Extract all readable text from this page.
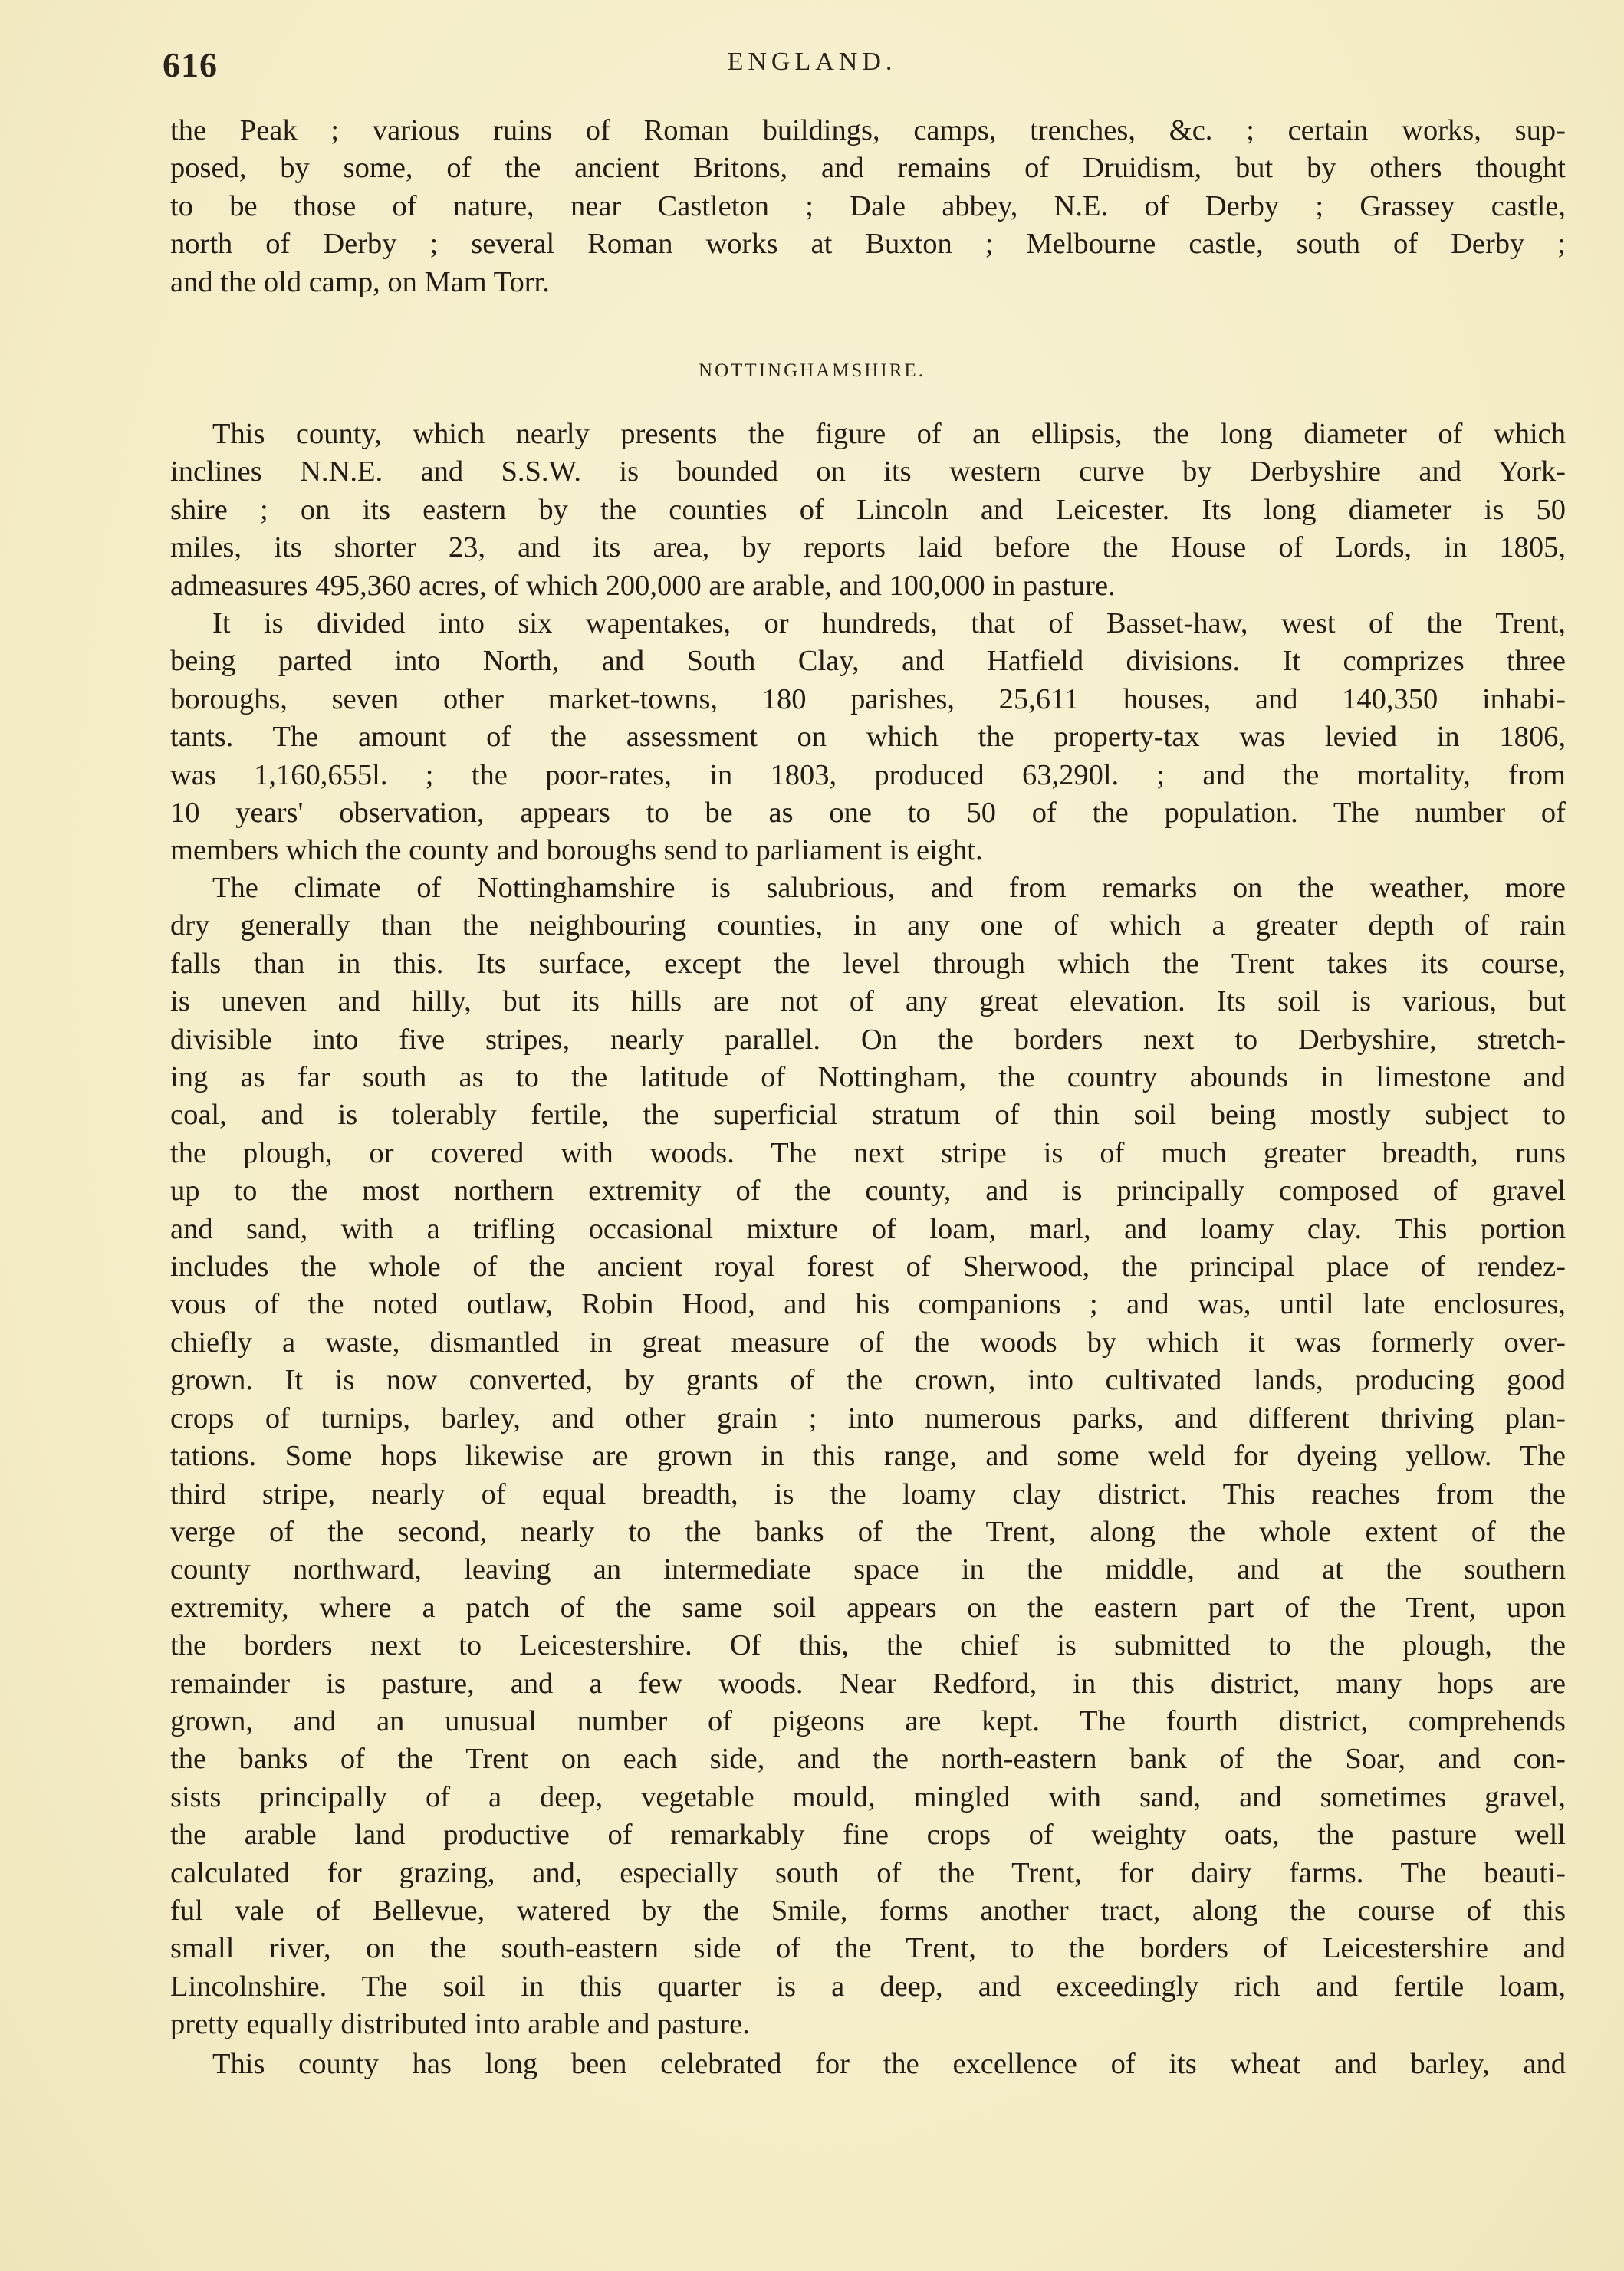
616	ENGLAND.
the Peak ; various ruins of Roman buildings, camps, trenches, &c. ; certain works, sup-
posed, by some, of the ancient Britons, and remains of Druidism, but by others thought
to be those of nature, near Castleton ; Dale abbey, N.E. of Derby ; Grassey castle,
north of Derby ; several Roman works at Buxton ; Melbourne castle, south of Derby ;
and the old camp, on Mam Torr.
NOTTINGHAMSHIRE.
This county, which nearly presents the figure of an ellipsis, the long diameter of which
inclines N.N.E. and S.S.W. is bounded on its western curve by Derbyshire and York-
shire ; on its eastern by the counties of Lincoln and Leicester. Its long diameter is 50
miles, its shorter 23, and its area, by reports laid before the House of Lords, in 1805,
admeasures 495,360 acres, of which 200,000 are arable, and 100,000 in pasture.
It is divided into six wapentakes, or hundreds, that of Basset-haw, west of the Trent,
being parted into North, and South Clay, and Hatfield divisions. It comprizes three
boroughs, seven other market-towns, 180 parishes, 25,611 houses, and 140,350 inhabi-
tants. The amount of the assessment on which the property-tax was levied in 1806,
was 1,160,655l. ; the poor-rates, in 1803, produced 63,290l. ; and the mortality, from
10 years' observation, appears to be as one to 50 of the population. The number of
members which the county and boroughs send to parliament is eight.
The climate of Nottinghamshire is salubrious, and from remarks on the weather, more
dry generally than the neighbouring counties, in any one of which a greater depth of rain
falls than in this. Its surface, except the level through which the Trent takes its course,
is uneven and hilly, but its hills are not of any great elevation. Its soil is various, but
divisible into five stripes, nearly parallel. On the borders next to Derbyshire, stretch-
ing as far south as to the latitude of Nottingham, the country abounds in limestone and
coal, and is tolerably fertile, the superficial stratum of thin soil being mostly subject to
the plough, or covered with woods. The next stripe is of much greater breadth, runs
up to the most northern extremity of the county, and is principally composed of gravel
and sand, with a trifling occasional mixture of loam, marl, and loamy clay. This portion
includes the whole of the ancient royal forest of Sherwood, the principal place of rendez-
vous of the noted outlaw, Robin Hood, and his companions ; and was, until late enclosures,
chiefly a waste, dismantled in great measure of the woods by which it was formerly over-
grown. It is now converted, by grants of the crown, into cultivated lands, producing good
crops of turnips, barley, and other grain ; into numerous parks, and different thriving plan-
tations. Some hops likewise are grown in this range, and some weld for dyeing yellow. The
third stripe, nearly of equal breadth, is the loamy clay district. This reaches from the
verge of the second, nearly to the banks of the Trent, along the whole extent of the
county northward, leaving an intermediate space in the middle, and at the southern
extremity, where a patch of the same soil appears on the eastern part of the Trent, upon
the borders next to Leicestershire. Of this, the chief is submitted to the plough, the
remainder is pasture, and a few woods. Near Redford, in this district, many hops are
grown, and an unusual number of pigeons are kept. The fourth district, comprehends
the banks of the Trent on each side, and the north-eastern bank of the Soar, and con-
sists principally of a deep, vegetable mould, mingled with sand, and sometimes gravel,
the arable land productive of remarkably fine crops of weighty oats, the pasture well
calculated for grazing, and, especially south of the Trent, for dairy farms. The beauti-
ful vale of Bellevue, watered by the Smile, forms another tract, along the course of this
small river, on the south-eastern side of the Trent, to the borders of Leicestershire and
Lincolnshire. The soil in this quarter is a deep, and exceedingly rich and fertile loam,
pretty equally distributed into arable and pasture.
This county has long been celebrated for the excellence of its wheat and barley, and
